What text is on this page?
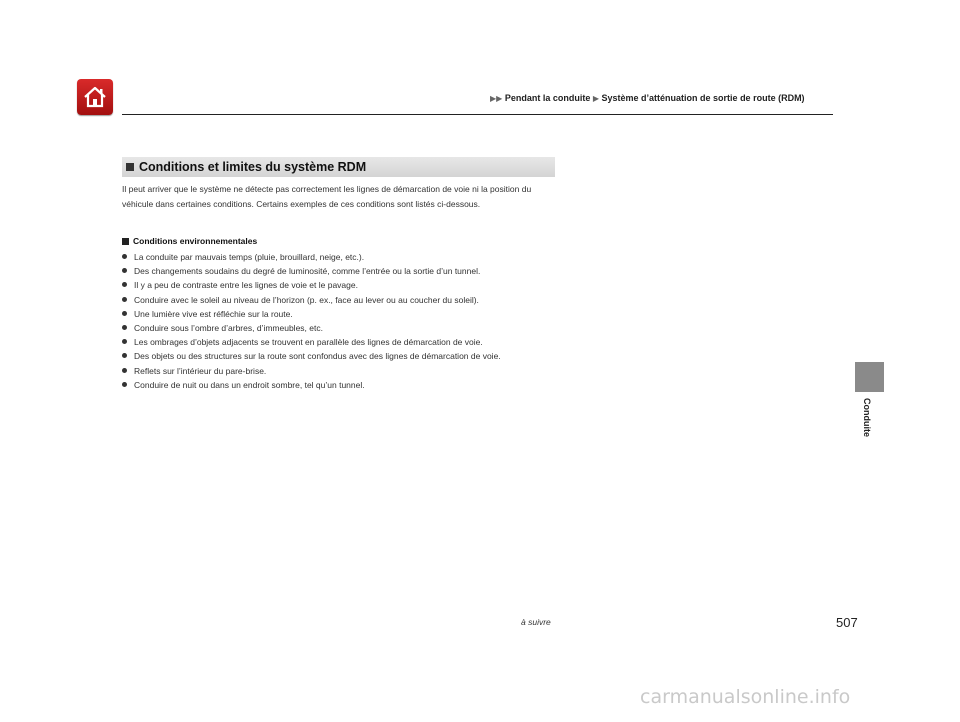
▶▶ Pendant la conduite ▶ Système d’atténuation de sortie de route (RDM)
Conditions et limites du système RDM
Il peut arriver que le système ne détecte pas correctement les lignes de démarcation de voie ni la position du véhicule dans certaines conditions. Certains exemples de ces conditions sont listés ci-dessous.
Conditions environnementales
La conduite par mauvais temps (pluie, brouillard, neige, etc.).
Des changements soudains du degré de luminosité, comme l’entrée ou la sortie d’un tunnel.
Il y a peu de contraste entre les lignes de voie et le pavage.
Conduire avec le soleil au niveau de l’horizon (p. ex., face au lever ou au coucher du soleil).
Une lumière vive est réfléchie sur la route.
Conduire sous l’ombre d’arbres, d’immeubles, etc.
Les ombrages d’objets adjacents se trouvent en parallèle des lignes de démarcation de voie.
Des objets ou des structures sur la route sont confondus avec des lignes de démarcation de voie.
Reflets sur l’intérieur du pare-brise.
Conduire de nuit ou dans un endroit sombre, tel qu’un tunnel.
Conduite
à suivre	507
carmanualsonline.info
